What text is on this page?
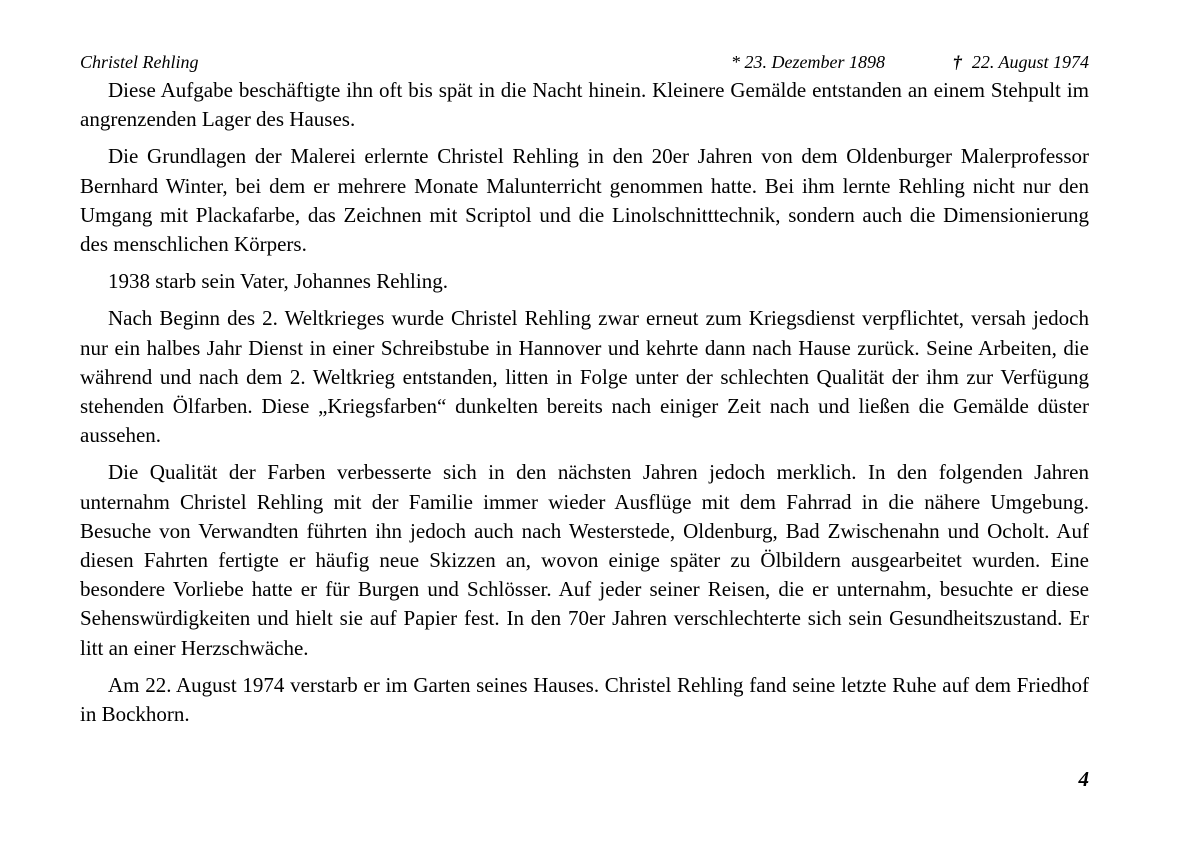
Christel Rehling	* 23. Dezember 1898	† 22. August 1974

Diese Aufgabe beschäftigte ihn oft bis spät in die Nacht hinein. Kleinere Gemälde entstanden an einem Stehpult im angrenzenden Lager des Hauses.

Die Grundlagen der Malerei erlernte Christel Rehling in den 20er Jahren von dem Oldenburger Malerprofessor Bernhard Winter, bei dem er mehrere Monate Malunterricht genommen hatte. Bei ihm lernte Rehling nicht nur den Umgang mit Plackafarbe, das Zeichnen mit Scriptol und die Linolschnitttechnik, sondern auch die Dimensionierung des menschlichen Körpers.

1938 starb sein Vater, Johannes Rehling.

Nach Beginn des 2. Weltkrieges wurde Christel Rehling zwar erneut zum Kriegsdienst verpflichtet, versah jedoch nur ein halbes Jahr Dienst in einer Schreibstube in Hannover und kehrte dann nach Hause zurück. Seine Arbeiten, die während und nach dem 2. Weltkrieg entstanden, litten in Folge unter der schlechten Qualität der ihm zur Verfügung stehenden Ölfarben. Diese „Kriegsfarben“ dunkelten bereits nach einiger Zeit nach und ließen die Gemälde düster aussehen.

Die Qualität der Farben verbesserte sich in den nächsten Jahren jedoch merklich. In den folgenden Jahren unternahm Christel Rehling mit der Familie immer wieder Ausflüge mit dem Fahrrad in die nähere Umgebung. Besuche von Verwandten führten ihn jedoch auch nach Westerstede, Oldenburg, Bad Zwischenahn und Ocholt. Auf diesen Fahrten fertigte er häufig neue Skizzen an, wovon einige später zu Ölbildern ausgearbeitet wurden. Eine besondere Vorliebe hatte er für Burgen und Schlösser. Auf jeder seiner Reisen, die er unternahm, besuchte er diese Sehenswürdigkeiten und hielt sie auf Papier fest. In den 70er Jahren verschlechterte sich sein Gesundheitszustand. Er litt an einer Herzschwäche.

Am 22. August 1974 verstarb er im Garten seines Hauses. Christel Rehling fand seine letzte Ruhe auf dem Friedhof in Bockhorn.

4
